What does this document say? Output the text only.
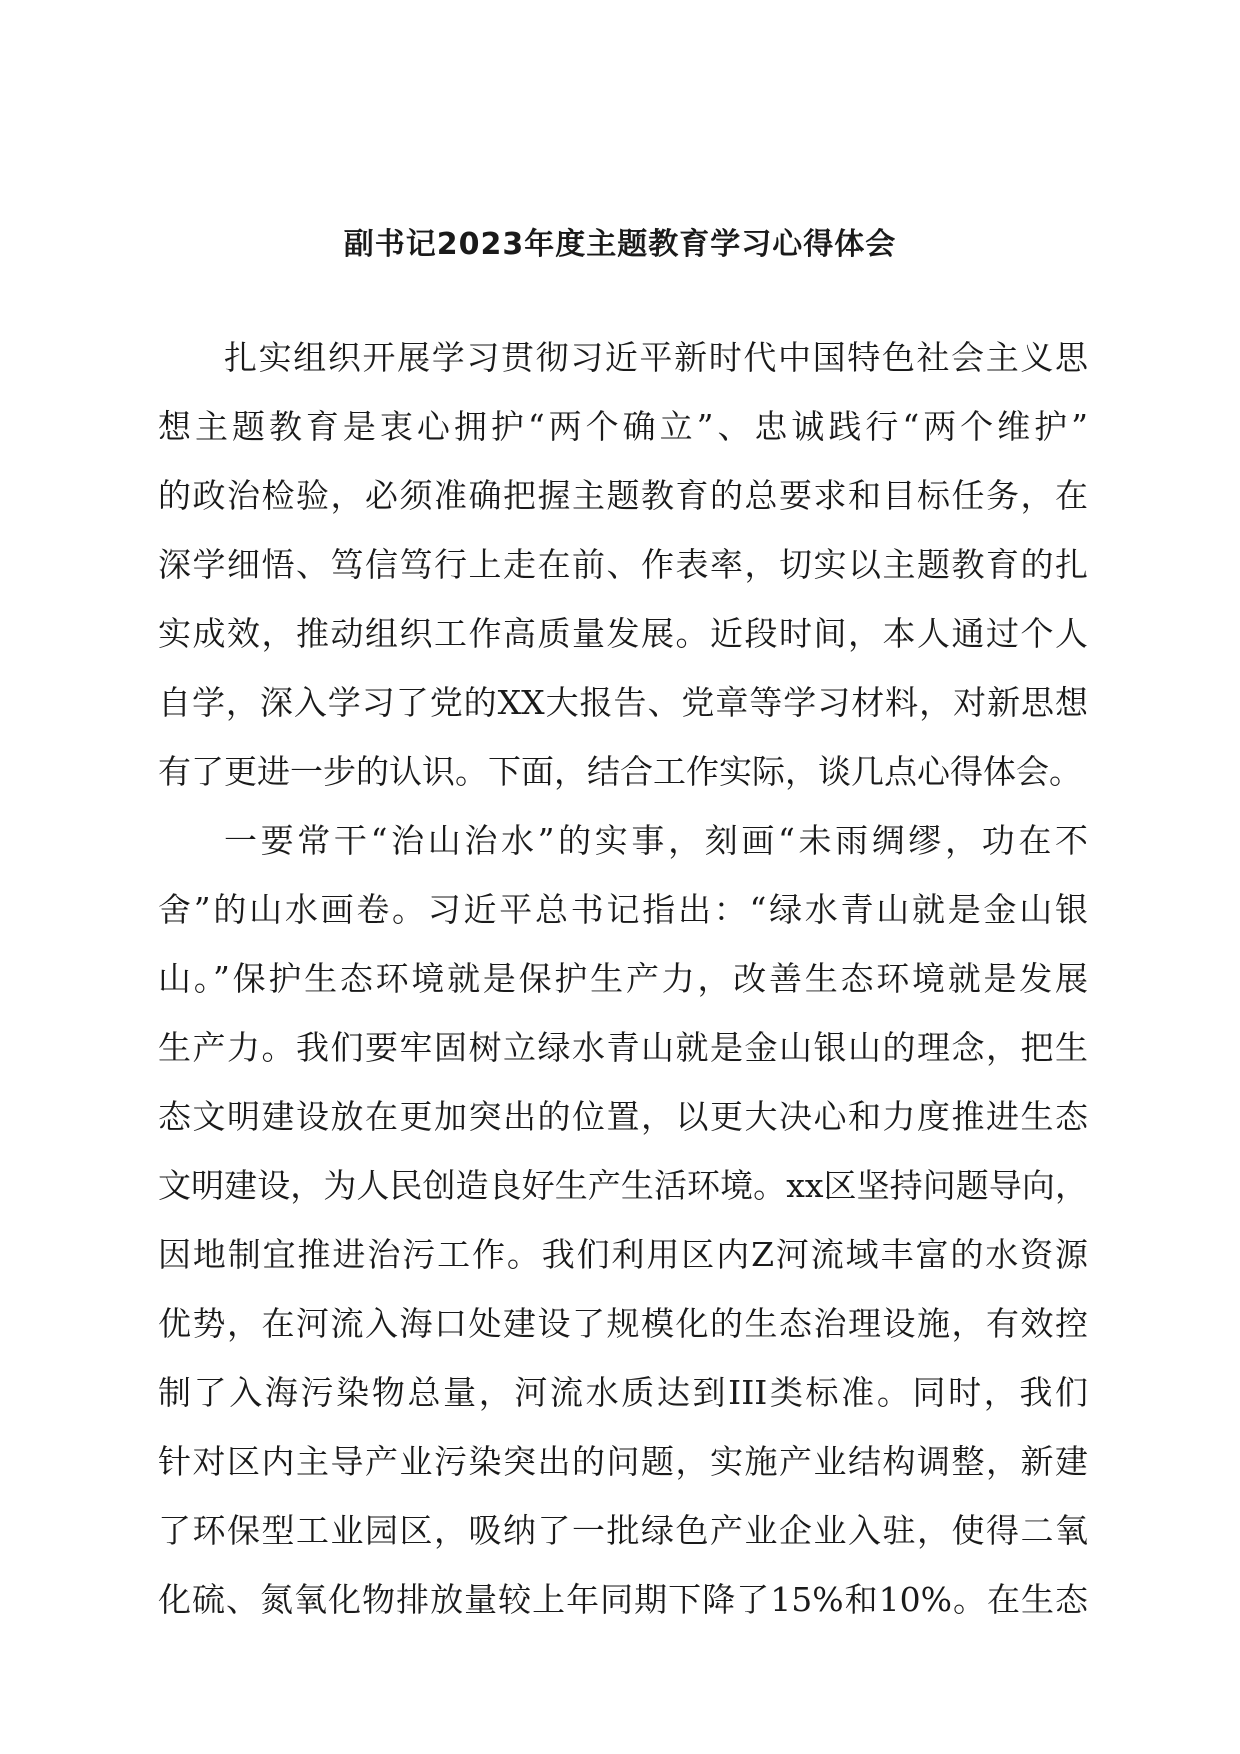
副书记2023年度主题教育学习心得体会
扎实组织开展学习贯彻习近平新时代中国特色社会主义思
想主题教育是衷心拥护“两个确立”、忠诚践行“两个维护”
的政治检验，必须准确把握主题教育的总要求和目标任务，在
深学细悟、笃信笃行上走在前、作表率，切实以主题教育的扎
实成效，推动组织工作高质量发展。近段时间，本人通过个人
自学，深入学习了党的XX大报告、党章等学习材料，对新思想
有了更进一步的认识。下面，结合工作实际，谈几点心得体会。
一要常干“治山治水”的实事，刻画“未雨绸缪，功在不
舍”的山水画卷。习近平总书记指出：“绿水青山就是金山银
山。”保护生态环境就是保护生产力，改善生态环境就是发展
生产力。我们要牢固树立绿水青山就是金山银山的理念，把生
态文明建设放在更加突出的位置，以更大决心和力度推进生态
文明建设，为人民创造良好生产生活环境。xx区坚持问题导向，
因地制宜推进治污工作。我们利用区内Z河流域丰富的水资源
优势，在河流入海口处建设了规模化的生态治理设施，有效控
制了入海污染物总量，河流水质达到III类标准。同时，我们
针对区内主导产业污染突出的问题，实施产业结构调整，新建
了环保型工业园区，吸纳了一批绿色产业企业入驻，使得二氧
化硫、氮氧化物排放量较上年同期下降了15%和10%。在生态
